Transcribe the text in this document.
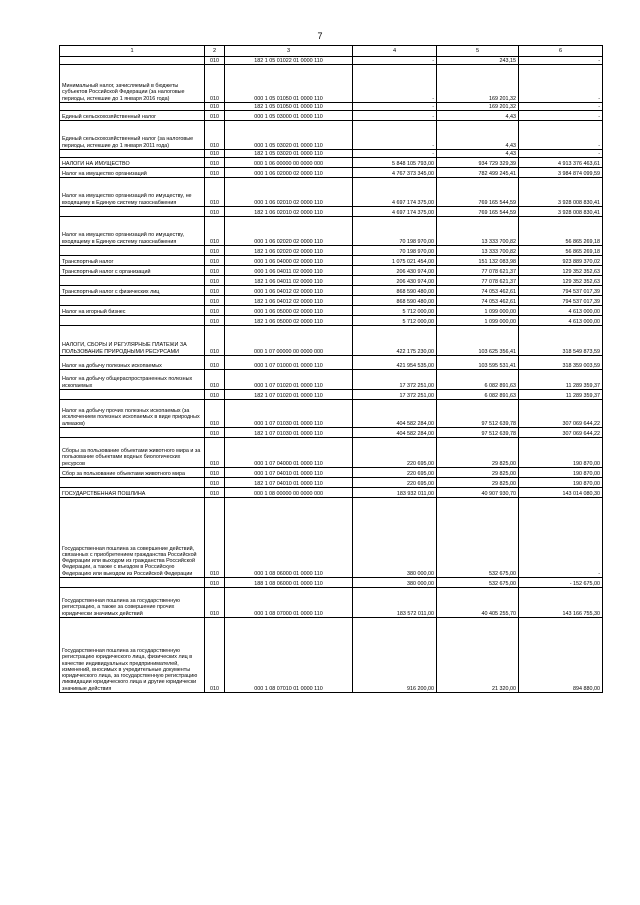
7
1	2	3	4	5	6
	010	182 1 05 01022 01 0000 110	-	243,15	-
Минимальный налог, зачисляемый в бюджеты субъектов Российской Федерации (за налоговые периоды, истекшие до 1 января 2016 года)	010	000 1 05 01050 01 0000 110	-	169 201,32	-
	010	182 1 05 01050 01 0000 110	-	169 201,32	-
Единый сельскохозяйственный налог	010	000 1 05 03000 01 0000 110	-	4,43	-
Единый сельскохозяйственный налог (за налоговые периоды, истекшие до 1 января 2011 года)	010	000 1 05 03020 01 0000 110	-	4,43	-
	010	182 1 05 03020 01 0000 110	-	4,43	-
НАЛОГИ НА ИМУЩЕСТВО	010	000 1 06 00000 00 0000 000	5 848 105 793,00	934 729 329,39	4 913 376 463,61
Налог на имущество организаций	010	000 1 06 02000 02 0000 110	4 767 373 345,00	782 499 245,41	3 984 874 099,59
Налог на имущество организаций по имуществу, не входящему в Единую систему газоснабжения	010	000 1 06 02010 02 0000 110	4 697 174 375,00	769 165 544,59	3 928 008 830,41
	010	182 1 06 02010 02 0000 110	4 697 174 375,00	769 165 544,59	3 928 008 830,41
Налог на имущество организаций по имуществу, входящему в Единую систему газоснабжения	010	000 1 06 02020 02 0000 110	70 198 970,00	13 333 700,82	56 865 269,18
	010	182 1 06 02020 02 0000 110	70 198 970,00	13 333 700,82	56 865 269,18
Транспортный налог	010	000 1 06 04000 02 0000 110	1 075 021 454,00	151 132 083,98	923 889 370,02
Транспортный налог с организаций	010	000 1 06 04011 02 0000 110	206 430 974,00	77 078 621,37	129 352 352,63
	010	182 1 06 04011 02 0000 110	206 430 974,00	77 078 621,37	129 352 352,63
Транспортный налог с физических лиц	010	000 1 06 04012 02 0000 110	868 590 480,00	74 053 462,61	794 537 017,39
	010	182 1 06 04012 02 0000 110	868 590 480,00	74 053 462,61	794 537 017,39
Налог на игорный бизнес	010	000 1 06 05000 02 0000 110	5 712 000,00	1 099 000,00	4 613 000,00
	010	182 1 06 05000 02 0000 110	5 712 000,00	1 099 000,00	4 613 000,00
НАЛОГИ, СБОРЫ И РЕГУЛЯРНЫЕ ПЛАТЕЖИ ЗА ПОЛЬЗОВАНИЕ ПРИРОДНЫМИ РЕСУРСАМИ	010	000 1 07 00000 00 0000 000	422 175 230,00	103 625 356,41	318 549 873,59
Налог на добычу полезных ископаемых	010	000 1 07 01000 01 0000 110	421 954 535,00	103 595 531,41	318 359 003,59
Налог на добычу общераспространенных полезных ископаемых	010	000 1 07 01020 01 0000 110	17 372 251,00	6 082 891,63	11 289 359,37
	010	182 1 07 01020 01 0000 110	17 372 251,00	6 082 891,63	11 289 359,37
Налог на добычу прочих полезных ископаемых (за исключением полезных ископаемых в виде природных алмазов)	010	000 1 07 01030 01 0000 110	404 582 284,00	97 512 639,78	307 069 644,22
	010	182 1 07 01030 01 0000 110	404 582 284,00	97 512 639,78	307 069 644,22
Сборы за пользование объектами животного мира и за пользование объектами водных биологических ресурсов	010	000 1 07 04000 01 0000 110	220 695,00	29 825,00	190 870,00
Сбор за пользование объектами животного мира	010	000 1 07 04010 01 0000 110	220 695,00	29 825,00	190 870,00
	010	182 1 07 04010 01 0000 110	220 695,00	29 825,00	190 870,00
ГОСУДАРСТВЕННАЯ ПОШЛИНА	010	000 1 08 00000 00 0000 000	183 932 011,00	40 907 930,70	143 014 080,30
Государственная пошлина за совершение действий, связанных с приобретением гражданства Российской Федерации или выходом из гражданства Российской Федерации, а также с въездом в Российскую Федерацию или выездом из Российской Федерации	010	000 1 08 06000 01 0000 110	380 000,00	532 675,00	-
	010	188 1 08 06000 01 0000 110	380 000,00	532 675,00	- 152 675,00
Государственная пошлина за государственную регистрацию, а также за совершение прочих юридически значимых действий	010	000 1 08 07000 01 0000 110	183 572 011,00	40 405 255,70	143 166 755,30
Государственная пошлина за государственную регистрацию юридического лица, физических лиц в качестве индивидуальных предпринимателей, изменений, вносимых в учредительные документы юридического лица, за государственную регистрацию ликвидации юридического лица и другие юридически значимые действия	010	000 1 08 07010 01 0000 110	916 200,00	21 320,00	894 880,00
